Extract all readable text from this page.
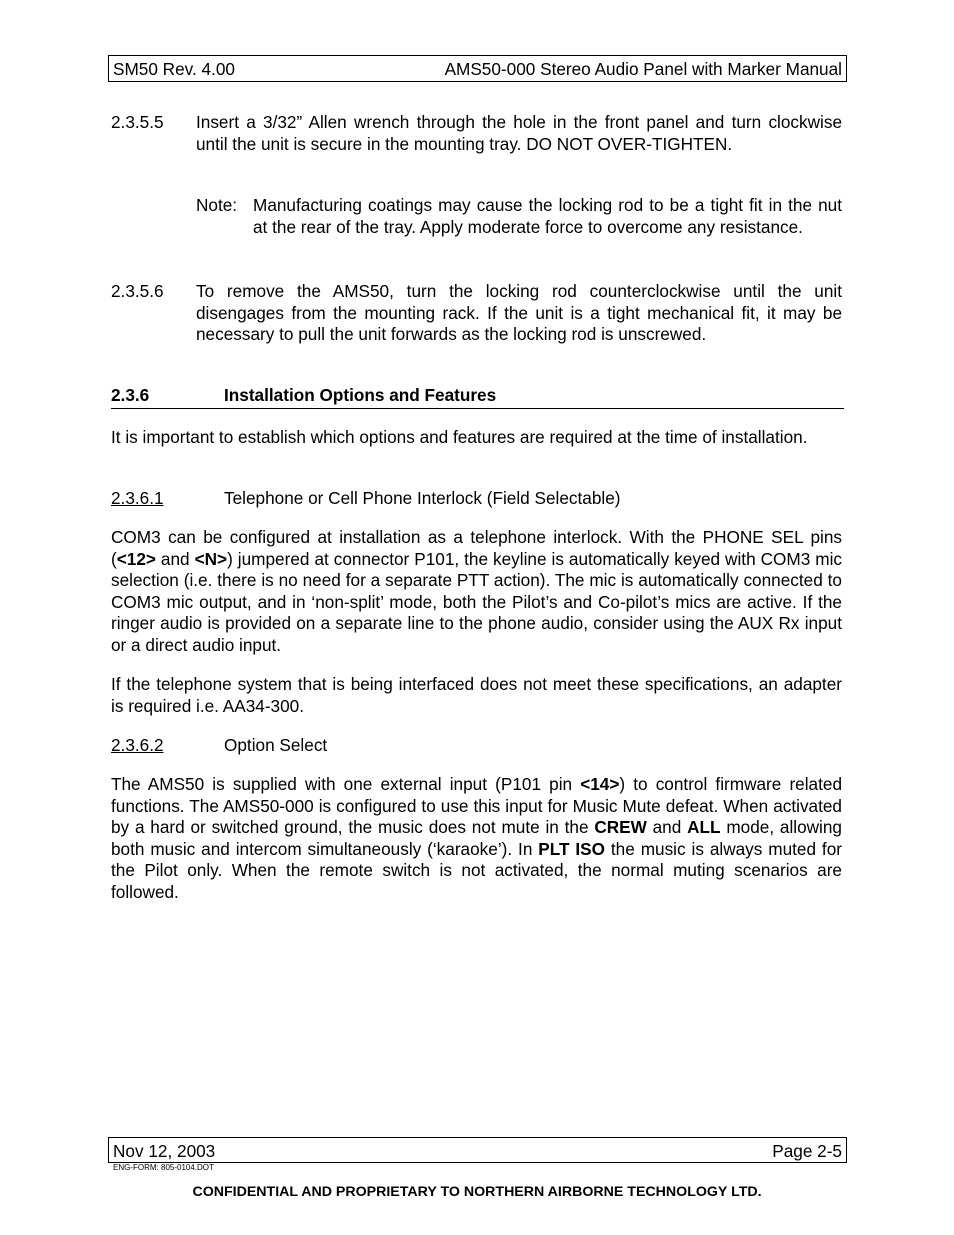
SM50 Rev. 4.00	AMS50-000 Stereo Audio Panel with Marker Manual
2.3.5.5 Insert a 3/32” Allen wrench through the hole in the front panel and turn clockwise until the unit is secure in the mounting tray. DO NOT OVER-TIGHTEN.
Note: Manufacturing coatings may cause the locking rod to be a tight fit in the nut at the rear of the tray. Apply moderate force to overcome any resistance.
2.3.5.6 To remove the AMS50, turn the locking rod counterclockwise until the unit disengages from the mounting rack. If the unit is a tight mechanical fit, it may be necessary to pull the unit forwards as the locking rod is unscrewed.
2.3.6	Installation Options and Features
It is important to establish which options and features are required at the time of installation.
2.3.6.1	Telephone or Cell Phone Interlock (Field Selectable)
COM3 can be configured at installation as a telephone interlock. With the PHONE SEL pins (<12> and <N>) jumpered at connector P101, the keyline is automatically keyed with COM3 mic selection (i.e. there is no need for a separate PTT action). The mic is automatically connected to COM3 mic output, and in ‘non-split’ mode, both the Pilot’s and Co-pilot’s mics are active. If the ringer audio is provided on a separate line to the phone audio, consider using the AUX Rx input or a direct audio input.
If the telephone system that is being interfaced does not meet these specifications, an adapter is required i.e. AA34-300.
2.3.6.2	Option Select
The AMS50 is supplied with one external input (P101 pin <14>) to control firmware related functions. The AMS50-000 is configured to use this input for Music Mute defeat. When activated by a hard or switched ground, the music does not mute in the CREW and ALL mode, allowing both music and intercom simultaneously (‘karaoke’). In PLT ISO the music is always muted for the Pilot only. When the remote switch is not activated, the normal muting scenarios are followed.
Nov 12, 2003	Page 2-5
ENG-FORM: 805-0104.DOT
CONFIDENTIAL AND PROPRIETARY TO NORTHERN AIRBORNE TECHNOLOGY LTD.
